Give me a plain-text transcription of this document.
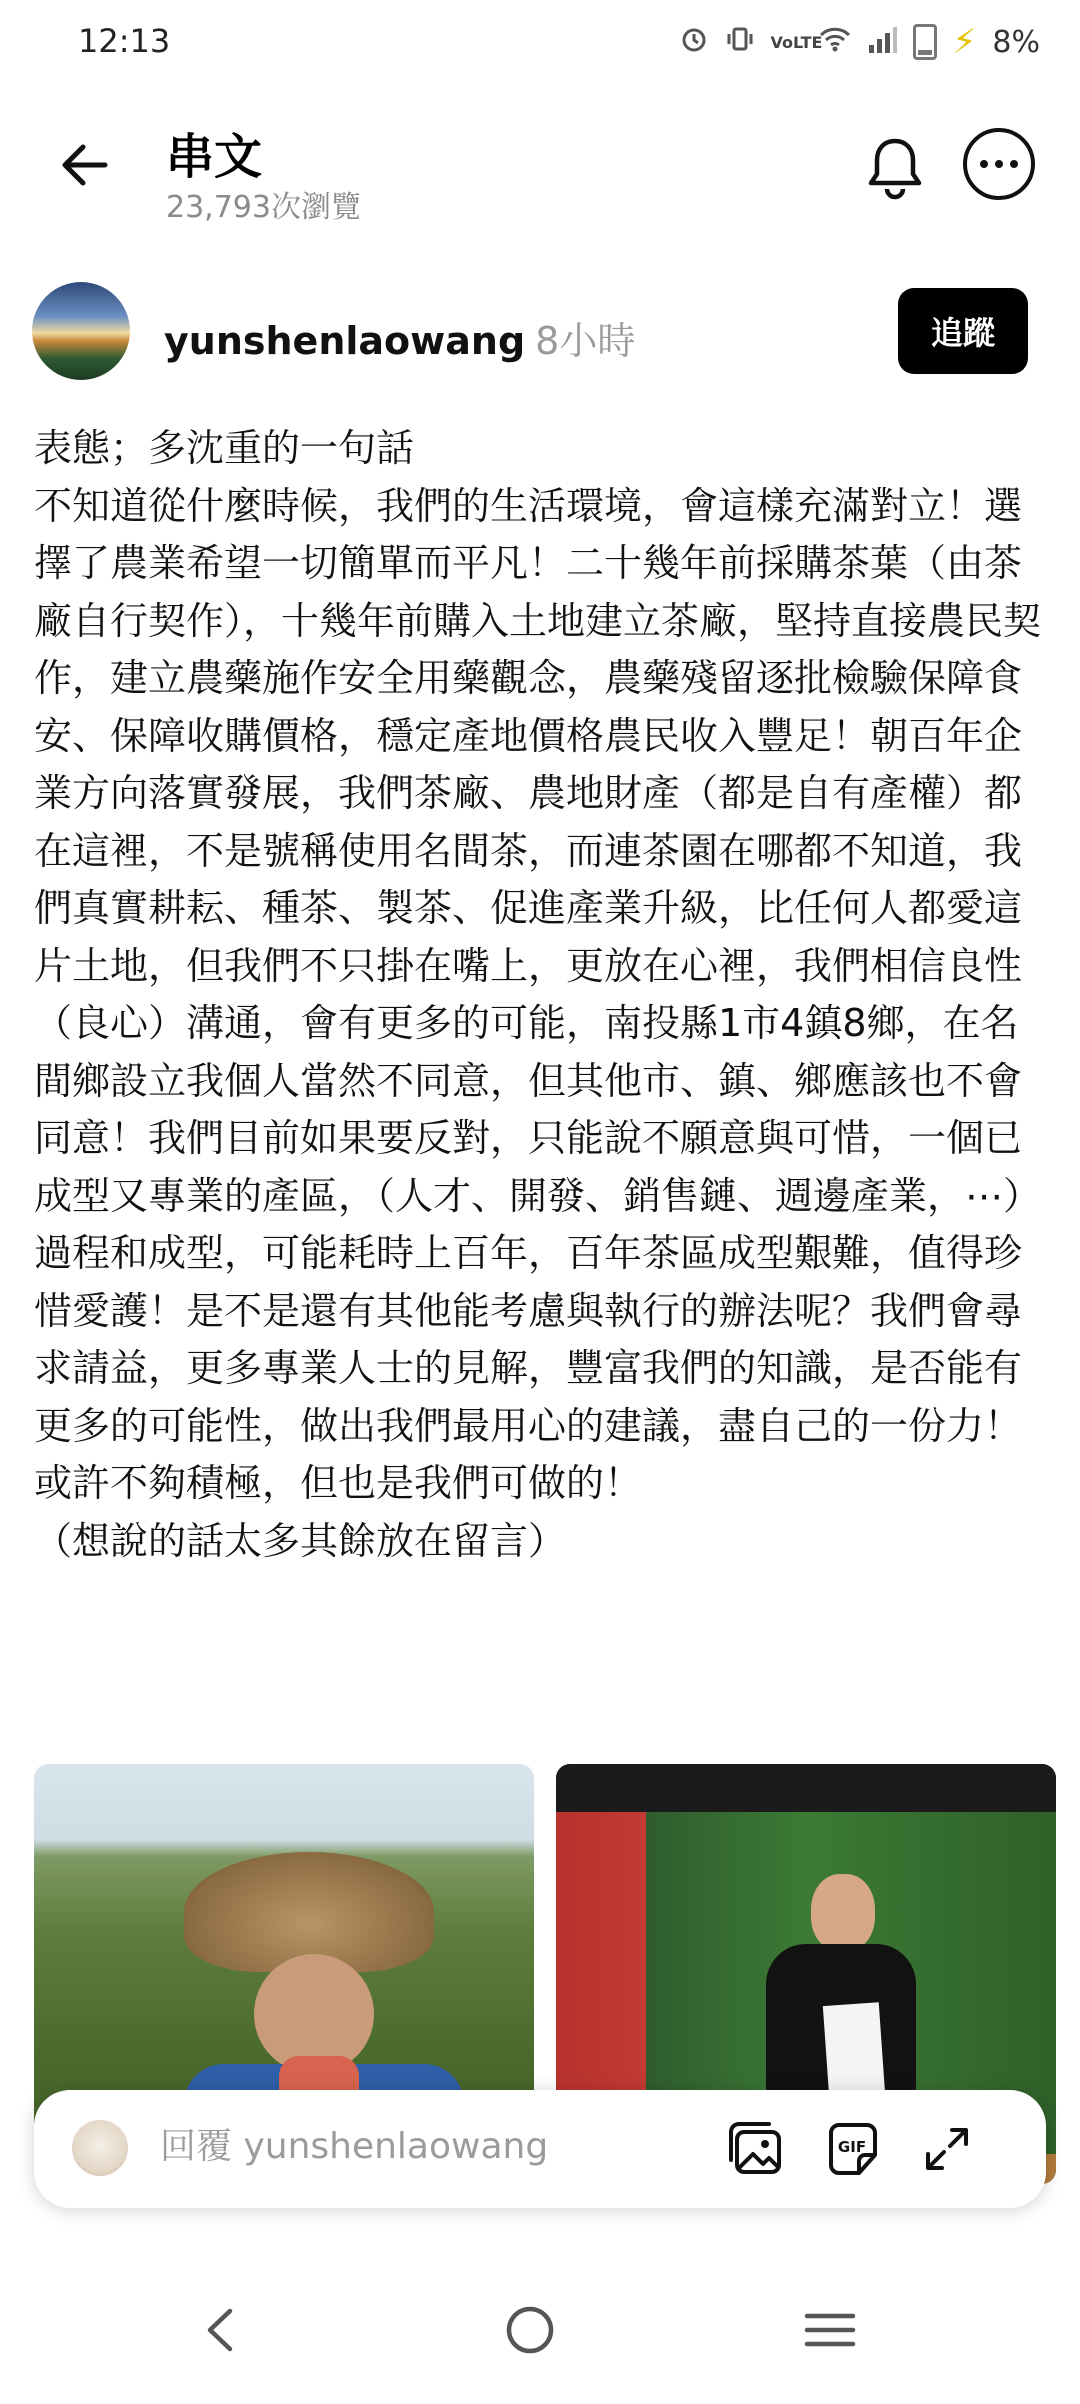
12:13	VoLTE	⚡ 8%
串文
23,793次瀏覽
yunshenlaowang 8小時	追蹤

表態；多沈重的一句話

不知道從什麼時候，我們的生活環境，會這樣充滿對立！選擇了農業希望一切簡單而平凡！二十幾年前採購茶葉（由茶廠自行契作），十幾年前購入土地建立茶廠，堅持直接農民契作，建立農藥施作安全用藥觀念，農藥殘留逐批檢驗保障食安、保障收購價格，穩定產地價格農民收入豐足！朝百年企業方向落實發展，我們茶廠、農地財產（都是自有產權）都在這裡，不是號稱使用名間茶，而連茶園在哪都不知道，我們真實耕耘、種茶、製茶、促進產業升級，比任何人都愛這片土地，但我們不只掛在嘴上，更放在心裡，我們相信良性（良心）溝通，會有更多的可能，南投縣1市4鎮8鄉，在名間鄉設立我個人當然不同意，但其他市、鎮、鄉應該也不會同意！我們目前如果要反對，只能說不願意與可惜，一個已成型又專業的產區，（人才、開發、銷售鏈、週邊產業，⋯）過程和成型，可能耗時上百年，百年茶區成型艱難，值得珍惜愛護！是不是還有其他能考慮與執行的辦法呢？我們會尋求請益，更多專業人士的見解，豐富我們的知識，是否能有更多的可能性，做出我們最用心的建議，盡自己的一份力！或許不夠積極，但也是我們可做的！

（想說的話太多其餘放在留言）

回覆 yunshenlaowang
GIF
